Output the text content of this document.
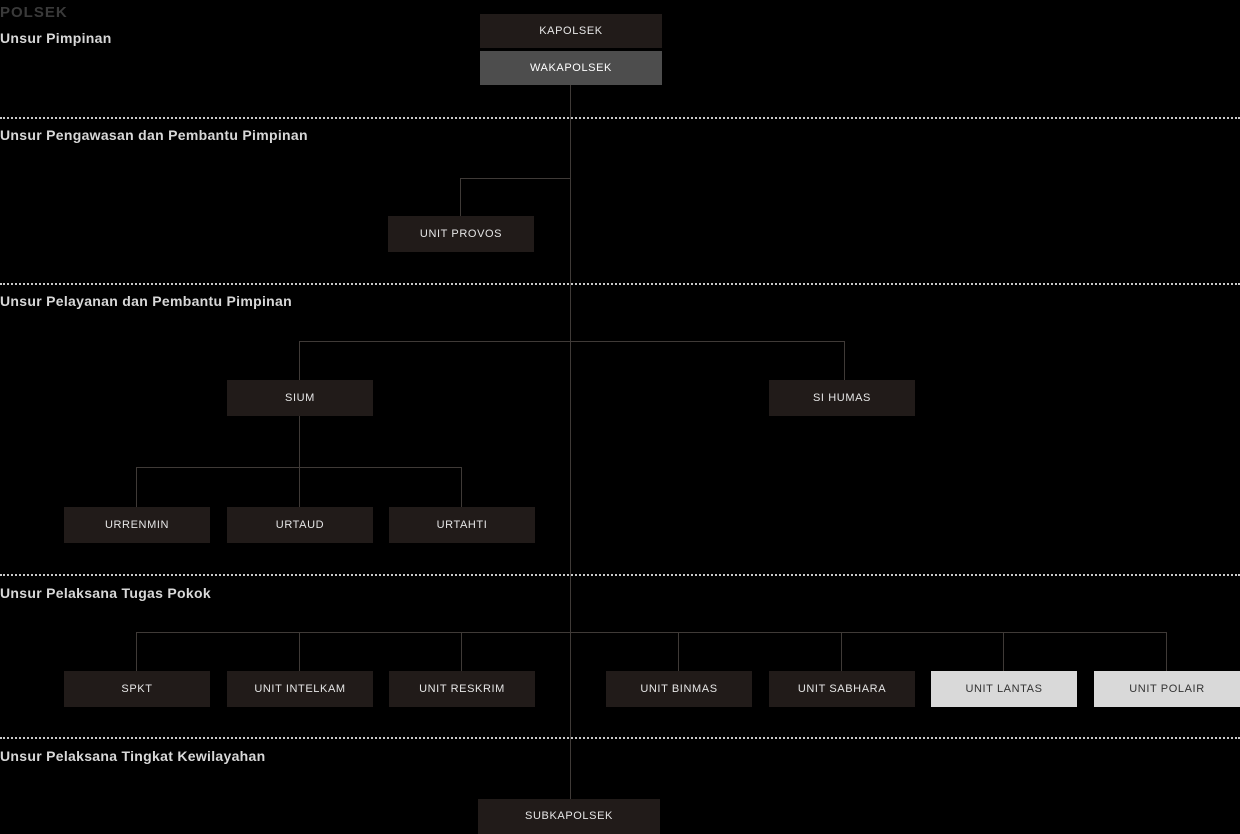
POLSEK
Unsur Pimpinan
Unsur Pengawasan dan Pembantu Pimpinan
Unsur Pelayanan dan Pembantu Pimpinan
Unsur Pelaksana Tugas Pokok
Unsur Pelaksana Tingkat Kewilayahan
KAPOLSEK
WAKAPOLSEK
UNIT PROVOS
SIUM	SI HUMAS
URRENMIN	URTAUD	URTAHTI
SPKT	UNIT INTELKAM	UNIT RESKRIM	UNIT BINMAS	UNIT SABHARA	UNIT LANTAS	UNIT POLAIR
SUBKAPOLSEK
